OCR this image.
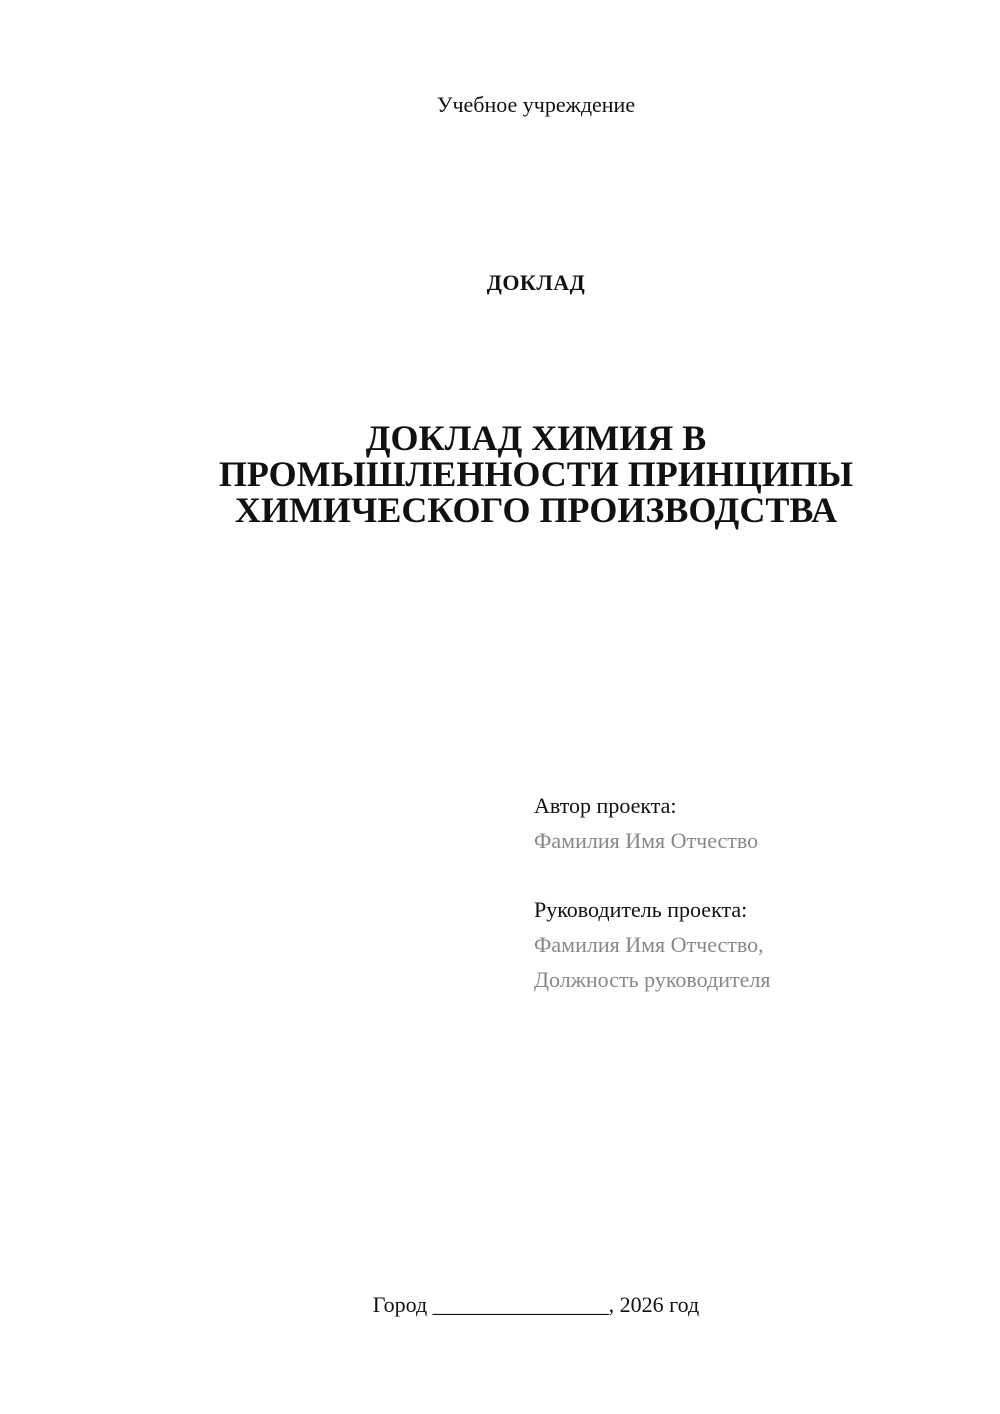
Учебное учреждение
ДОКЛАД
ДОКЛАД ХИМИЯ В
ПРОМЫШЛЕННОСТИ ПРИНЦИПЫ
ХИМИЧЕСКОГО ПРОИЗВОДСТВА
Автор проекта:
Фамилия Имя Отчество
Руководитель проекта:
Фамилия Имя Отчество,
Должность руководителя
Город ________________, 2026 год
